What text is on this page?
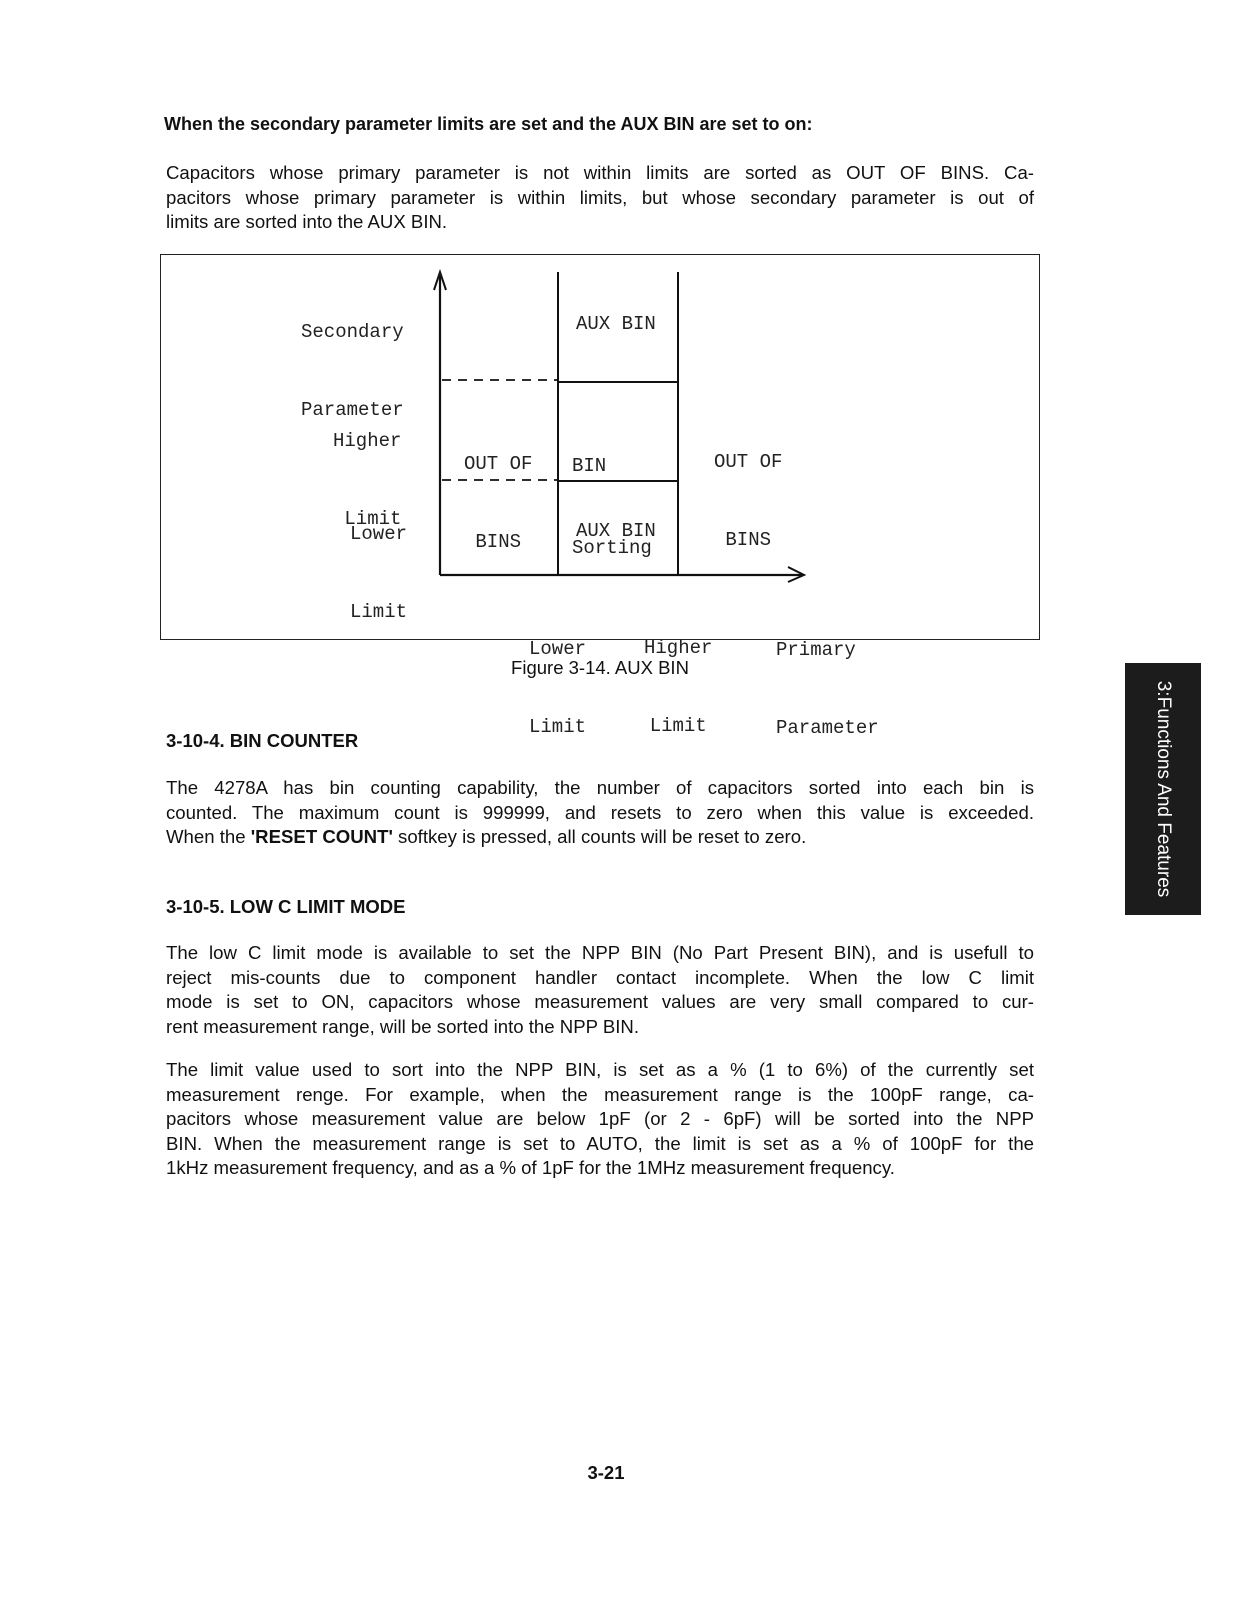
When the secondary parameter limits are set and the AUX BIN are set to on:
Capacitors whose primary parameter is not within limits are sorted as OUT OF BINS. Ca-
pacitors whose primary parameter is within limits, but whose secondary parameter is out of
limits are sorted into the AUX BIN.

Secondary

Parameter

Higher

Limit

Lower

Limit

AUX BIN

OUT OF

BINS

BIN

Sorting

OUT OF

BINS

AUX BIN

Lower

Limit

Higher

Limit

Primary

Parameter

Figure 3-14. AUX BIN
3-10-4. BIN COUNTER
The 4278A has bin counting capability, the number of capacitors sorted into each bin is
counted. The maximum count is 999999, and resets to zero when this value is exceeded.
When the 'RESET COUNT' softkey is pressed, all counts will be reset to zero.
3-10-5. LOW C LIMIT MODE
The low C limit mode is available to set the NPP BIN (No Part Present BIN), and is usefull to
reject mis-counts due to component handler contact incomplete. When the low C limit
mode is set to ON, capacitors whose measurement values are very small compared to cur-
rent measurement range, will be sorted into the NPP BIN.
The limit value used to sort into the NPP BIN, is set as a % (1 to 6%) of the currently set
measurement renge. For example, when the measurement range is the 100pF range, ca-
pacitors whose measurement value are below 1pF (or 2 - 6pF) will be sorted into the NPP
BIN. When the measurement range is set to AUTO, the limit is set as a % of 100pF for the
1kHz measurement frequency, and as a % of 1pF for the 1MHz measurement frequency.
3:Functions And Features
3-21
